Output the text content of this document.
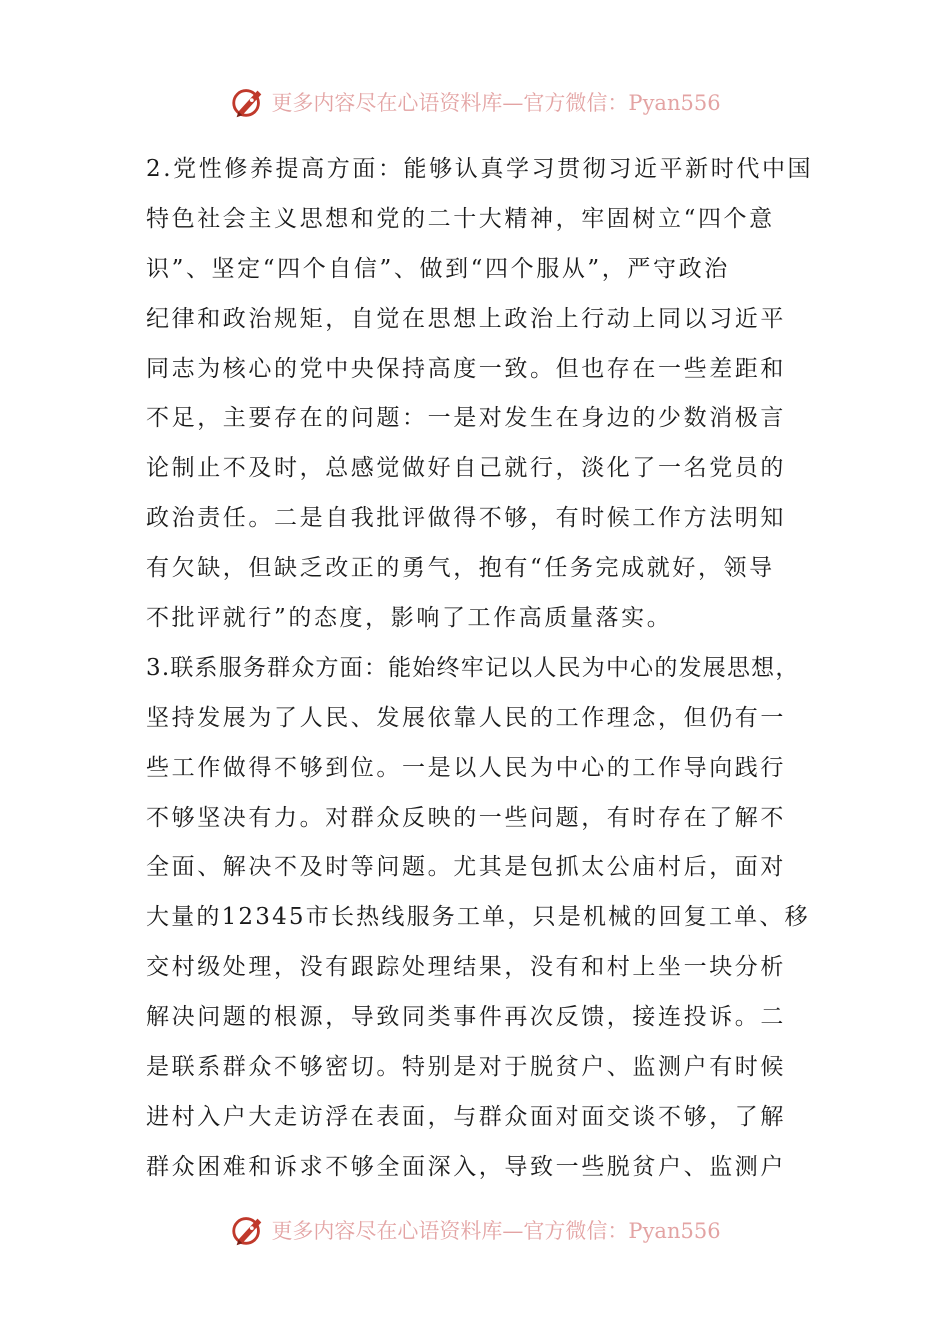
更多内容尽在心语资料库—官方微信：Pyan556
2.党性修养提高方面：能够认真学习贯彻习近平新时代中国
特色社会主义思想和党的二十大精神，牢固树立“四个意
识”、坚定“四个自信”、做到“四个服从”，严守政治
纪律和政治规矩，自觉在思想上政治上行动上同以习近平
同志为核心的党中央保持高度一致。但也存在一些差距和
不足，主要存在的问题：一是对发生在身边的少数消极言
论制止不及时，总感觉做好自己就行，淡化了一名党员的
政治责任。二是自我批评做得不够，有时候工作方法明知
有欠缺，但缺乏改正的勇气，抱有“任务完成就好，领导
不批评就行”的态度，影响了工作高质量落实。
3.联系服务群众方面：能始终牢记以人民为中心的发展思想，
坚持发展为了人民、发展依靠人民的工作理念，但仍有一
些工作做得不够到位。一是以人民为中心的工作导向践行
不够坚决有力。对群众反映的一些问题，有时存在了解不
全面、解决不及时等问题。尤其是包抓太公庙村后，面对
大量的12345市长热线服务工单，只是机械的回复工单、移
交村级处理，没有跟踪处理结果，没有和村上坐一块分析
解决问题的根源，导致同类事件再次反馈，接连投诉。二
是联系群众不够密切。特别是对于脱贫户、监测户有时候
进村入户大走访浮在表面，与群众面对面交谈不够，了解
群众困难和诉求不够全面深入，导致一些脱贫户、监测户
更多内容尽在心语资料库—官方微信：Pyan556
